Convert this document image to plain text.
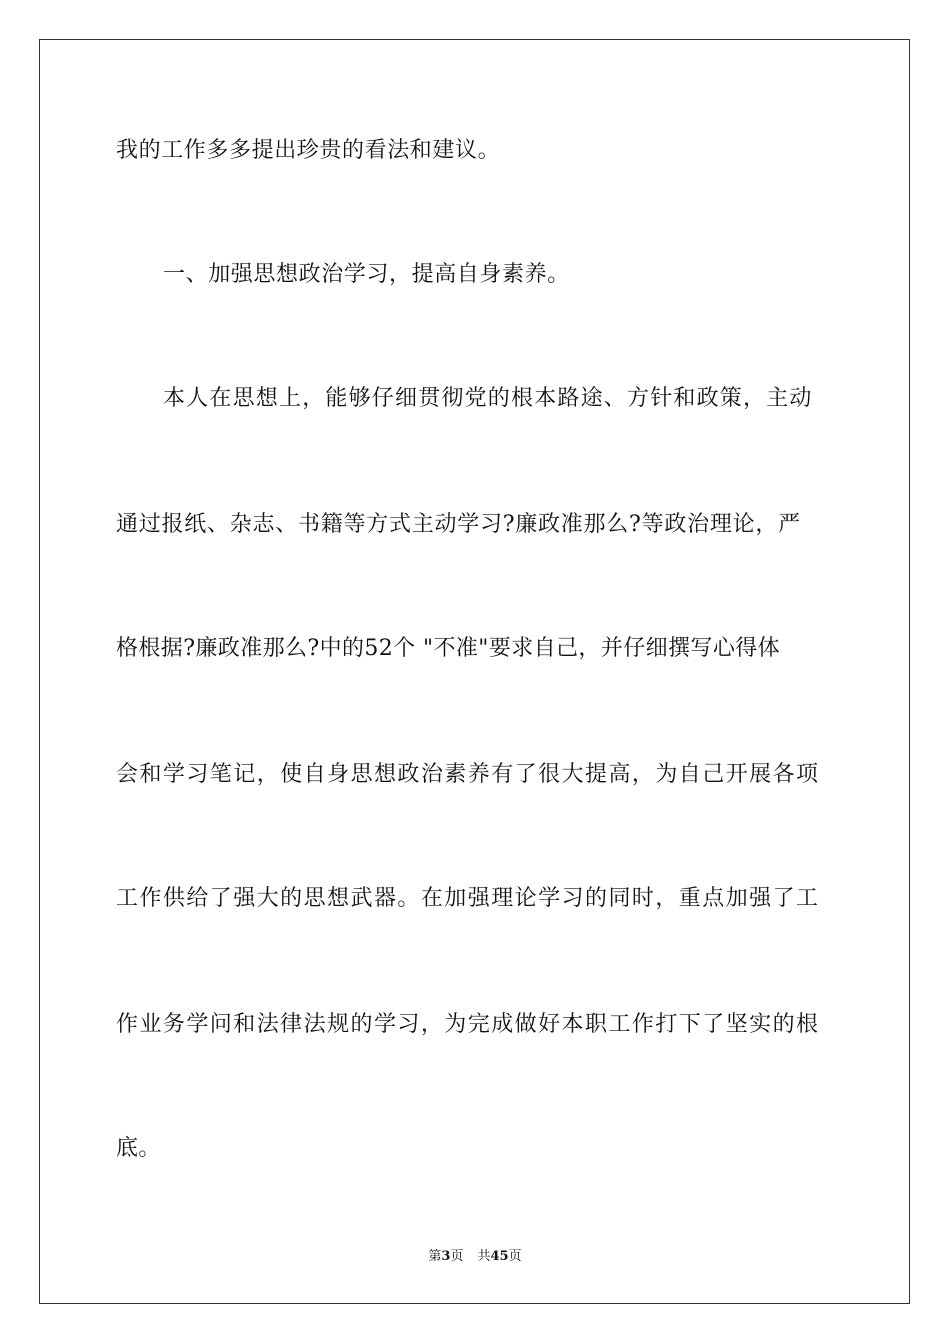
我的工作多多提出珍贵的看法和建议。
一、加强思想政治学习，提高自身素养。
本人在思想上，能够仔细贯彻党的根本路途、方针和政策，主动
通过报纸、杂志、书籍等方式主动学习?廉政准那么?等政治理论，严
格根据?廉政准那么?中的52个 "不准"要求自己，并仔细撰写心得体
会和学习笔记，使自身思想政治素养有了很大提高，为自己开展各项
工作供给了强大的思想武器。在加强理论学习的同时，重点加强了工
作业务学问和法律法规的学习，为完成做好本职工作打下了坚实的根
底。
第3页 共45页
